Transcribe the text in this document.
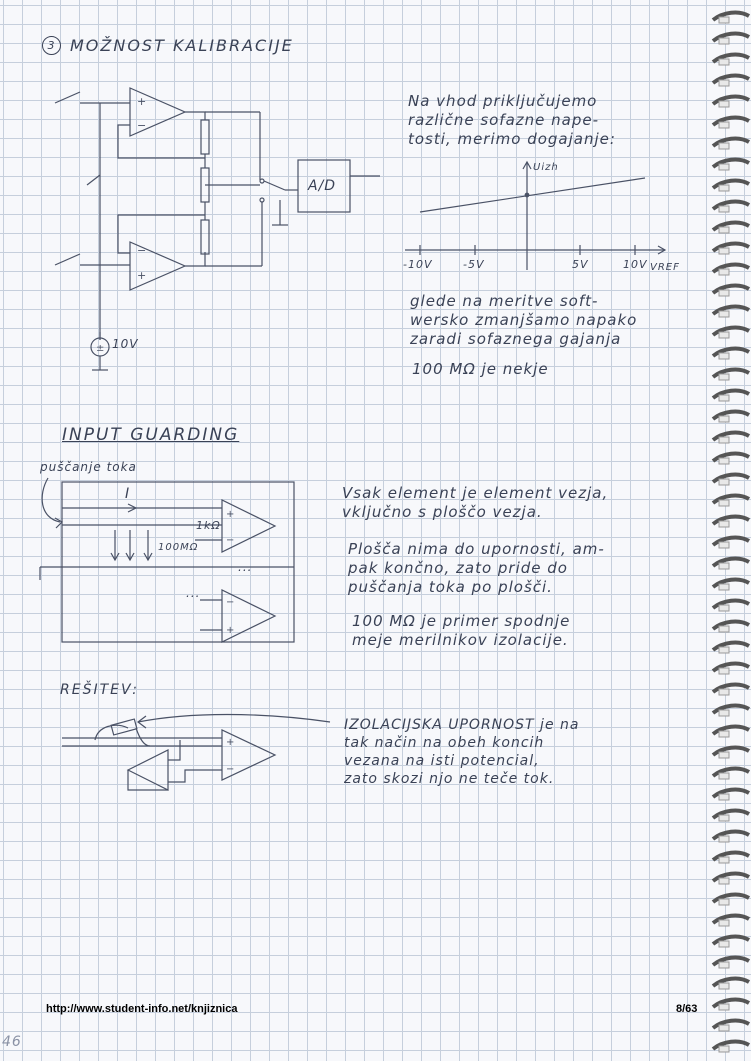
3 MOŽNOST KALIBRACIJE
±
+
−
−
+
A/D
10V
Na vhod priključujemo
različne sofazne nape-
tosti, merimo dogajanje:
Uizh
VREF
-10V	-5V	5V	10V
glede na meritve soft-
wersko zmanjšamo napako
zaradi sofaznega gajanja
100 MΩ je nekje
INPUT GUARDING
+
−
−
+
puščanje toka
I
1kΩ
100MΩ
...
...
Vsak element je element vezja,
vključno s ploščo vezja.
Plošča nima do upornosti, am-
pak končno, zato pride do
puščanja toka po plošči.
100 MΩ je primer spodnje
meje merilnikov izolacije.
REŠITEV:
+
−
IZOLACIJSKA UPORNOST je na
tak način na obeh koncih
vezana na isti potencial,
zato skozi njo ne teče tok.
http://www.student-info.net/knjiznica	8/63
46
